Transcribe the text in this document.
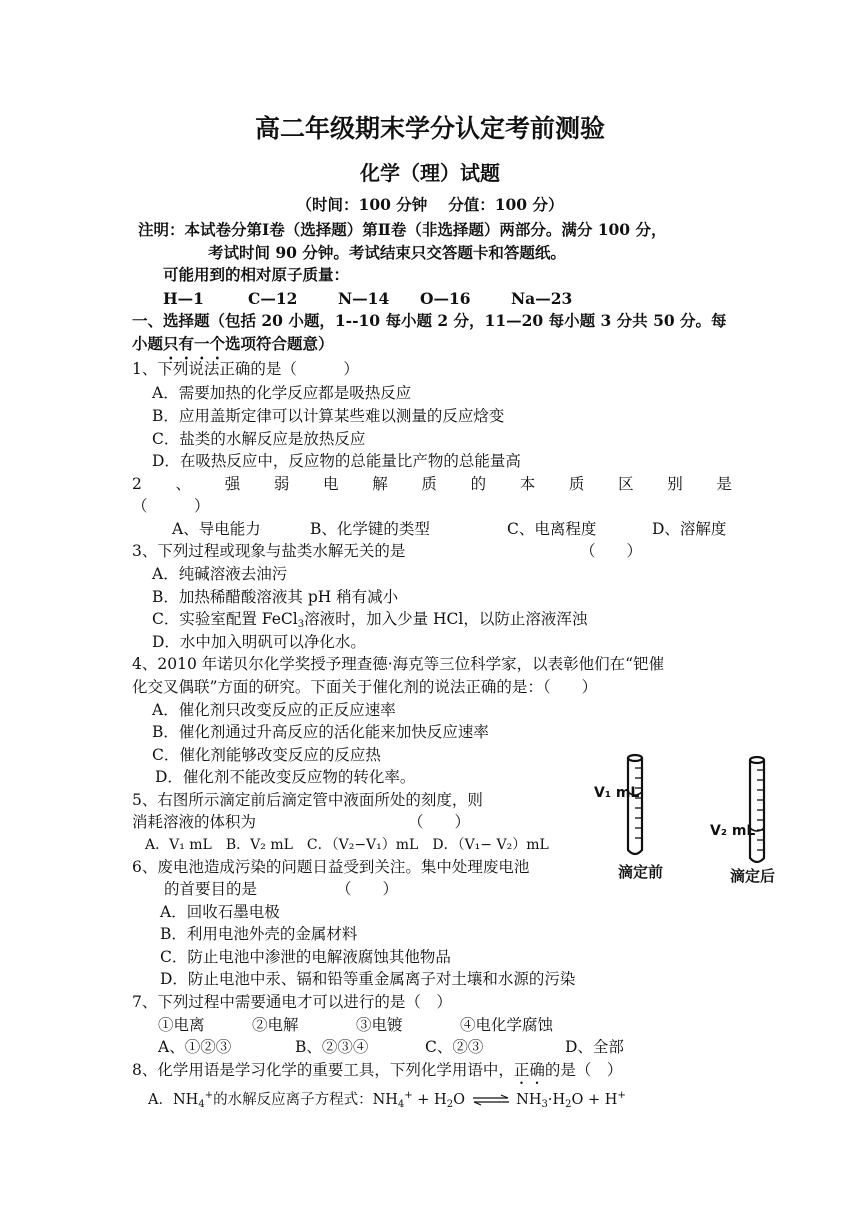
高二年级期末学分认定考前测验
化学（理）试题
（时间：100 分钟　 分值：100 分）
注明：本试卷分第Ⅰ卷（选择题）第Ⅱ卷（非选择题）两部分。满分 100 分，
考试时间 90 分钟。考试结束只交答题卡和答题纸。
可能用到的相对原子质量：
H—1	C—12	N—14 O—16	Na—23
一、选择题（包括 20 小题，1--10 每小题 2 分，11—20 每小题 3 分共 50 分。每
小题只有一个选项符合题意）
1、下列说法正确的是（　　　）
A．需要加热的化学反应都是吸热反应
B．应用盖斯定律可以计算某些难以测量的反应焓变
C．盐类的水解反应是放热反应
D．在吸热反应中，反应物的总能量比产物的总能量高
2 、 强 弱 电 解 质 的 本 质 区 别 是
（　　　）
A、导电能力	B、化学键的类型	C、电离程度	D、溶解度
3、下列过程或现象与盐类水解无关的是	（　　）
A．纯碱溶液去油污
B．加热稀醋酸溶液其 pH 稍有减小
C．实验室配置 FeCl$_3$溶液时，加入少量 HCl，以防止溶液浑浊
D．水中加入明矾可以净化水。
4、2010 年诺贝尔化学奖授予理查德·海克等三位科学家，以表彰他们在“钯催
化交叉偶联”方面的研究。下面关于催化剂的说法正确的是：（　　）
A．催化剂只改变反应的正反应速率
B．催化剂通过升高反应的活化能来加快反应速率
C．催化剂能够改变反应的反应热
D．催化剂不能改变反应物的转化率。
5、右图所示滴定前后滴定管中液面所处的刻度，则
消耗溶液的体积为	（　　）
A．V₁ mL　B．V₂ mL　C．（V₂−V₁）mL　D．（V₁− V₂）mL
6、废电池造成污染的问题日益受到关注。集中处理废电池
的首要目的是	（　　）
A．回收石墨电极
B．利用电池外壳的金属材料
C．防止电池中渗泄的电解液腐蚀其他物品
D．防止电池中汞、镉和铅等重金属离子对土壤和水源的污染
7、下列过程中需要通电才可以进行的是（　）
①电离	②电解	③电镀	④电化学腐蚀
A、①②③	B、②③④	C、②③	D、全部
8、化学用语是学习化学的重要工具，下列化学用语中，正确的是（　）
A．$NH_4^+$的水解反应离子方程式：$NH_4^+ + H_2O$ ⇌ $NH_3\cdot H_2O + H^+$
V₁ mL
V₂ mL
滴定前	滴定后
